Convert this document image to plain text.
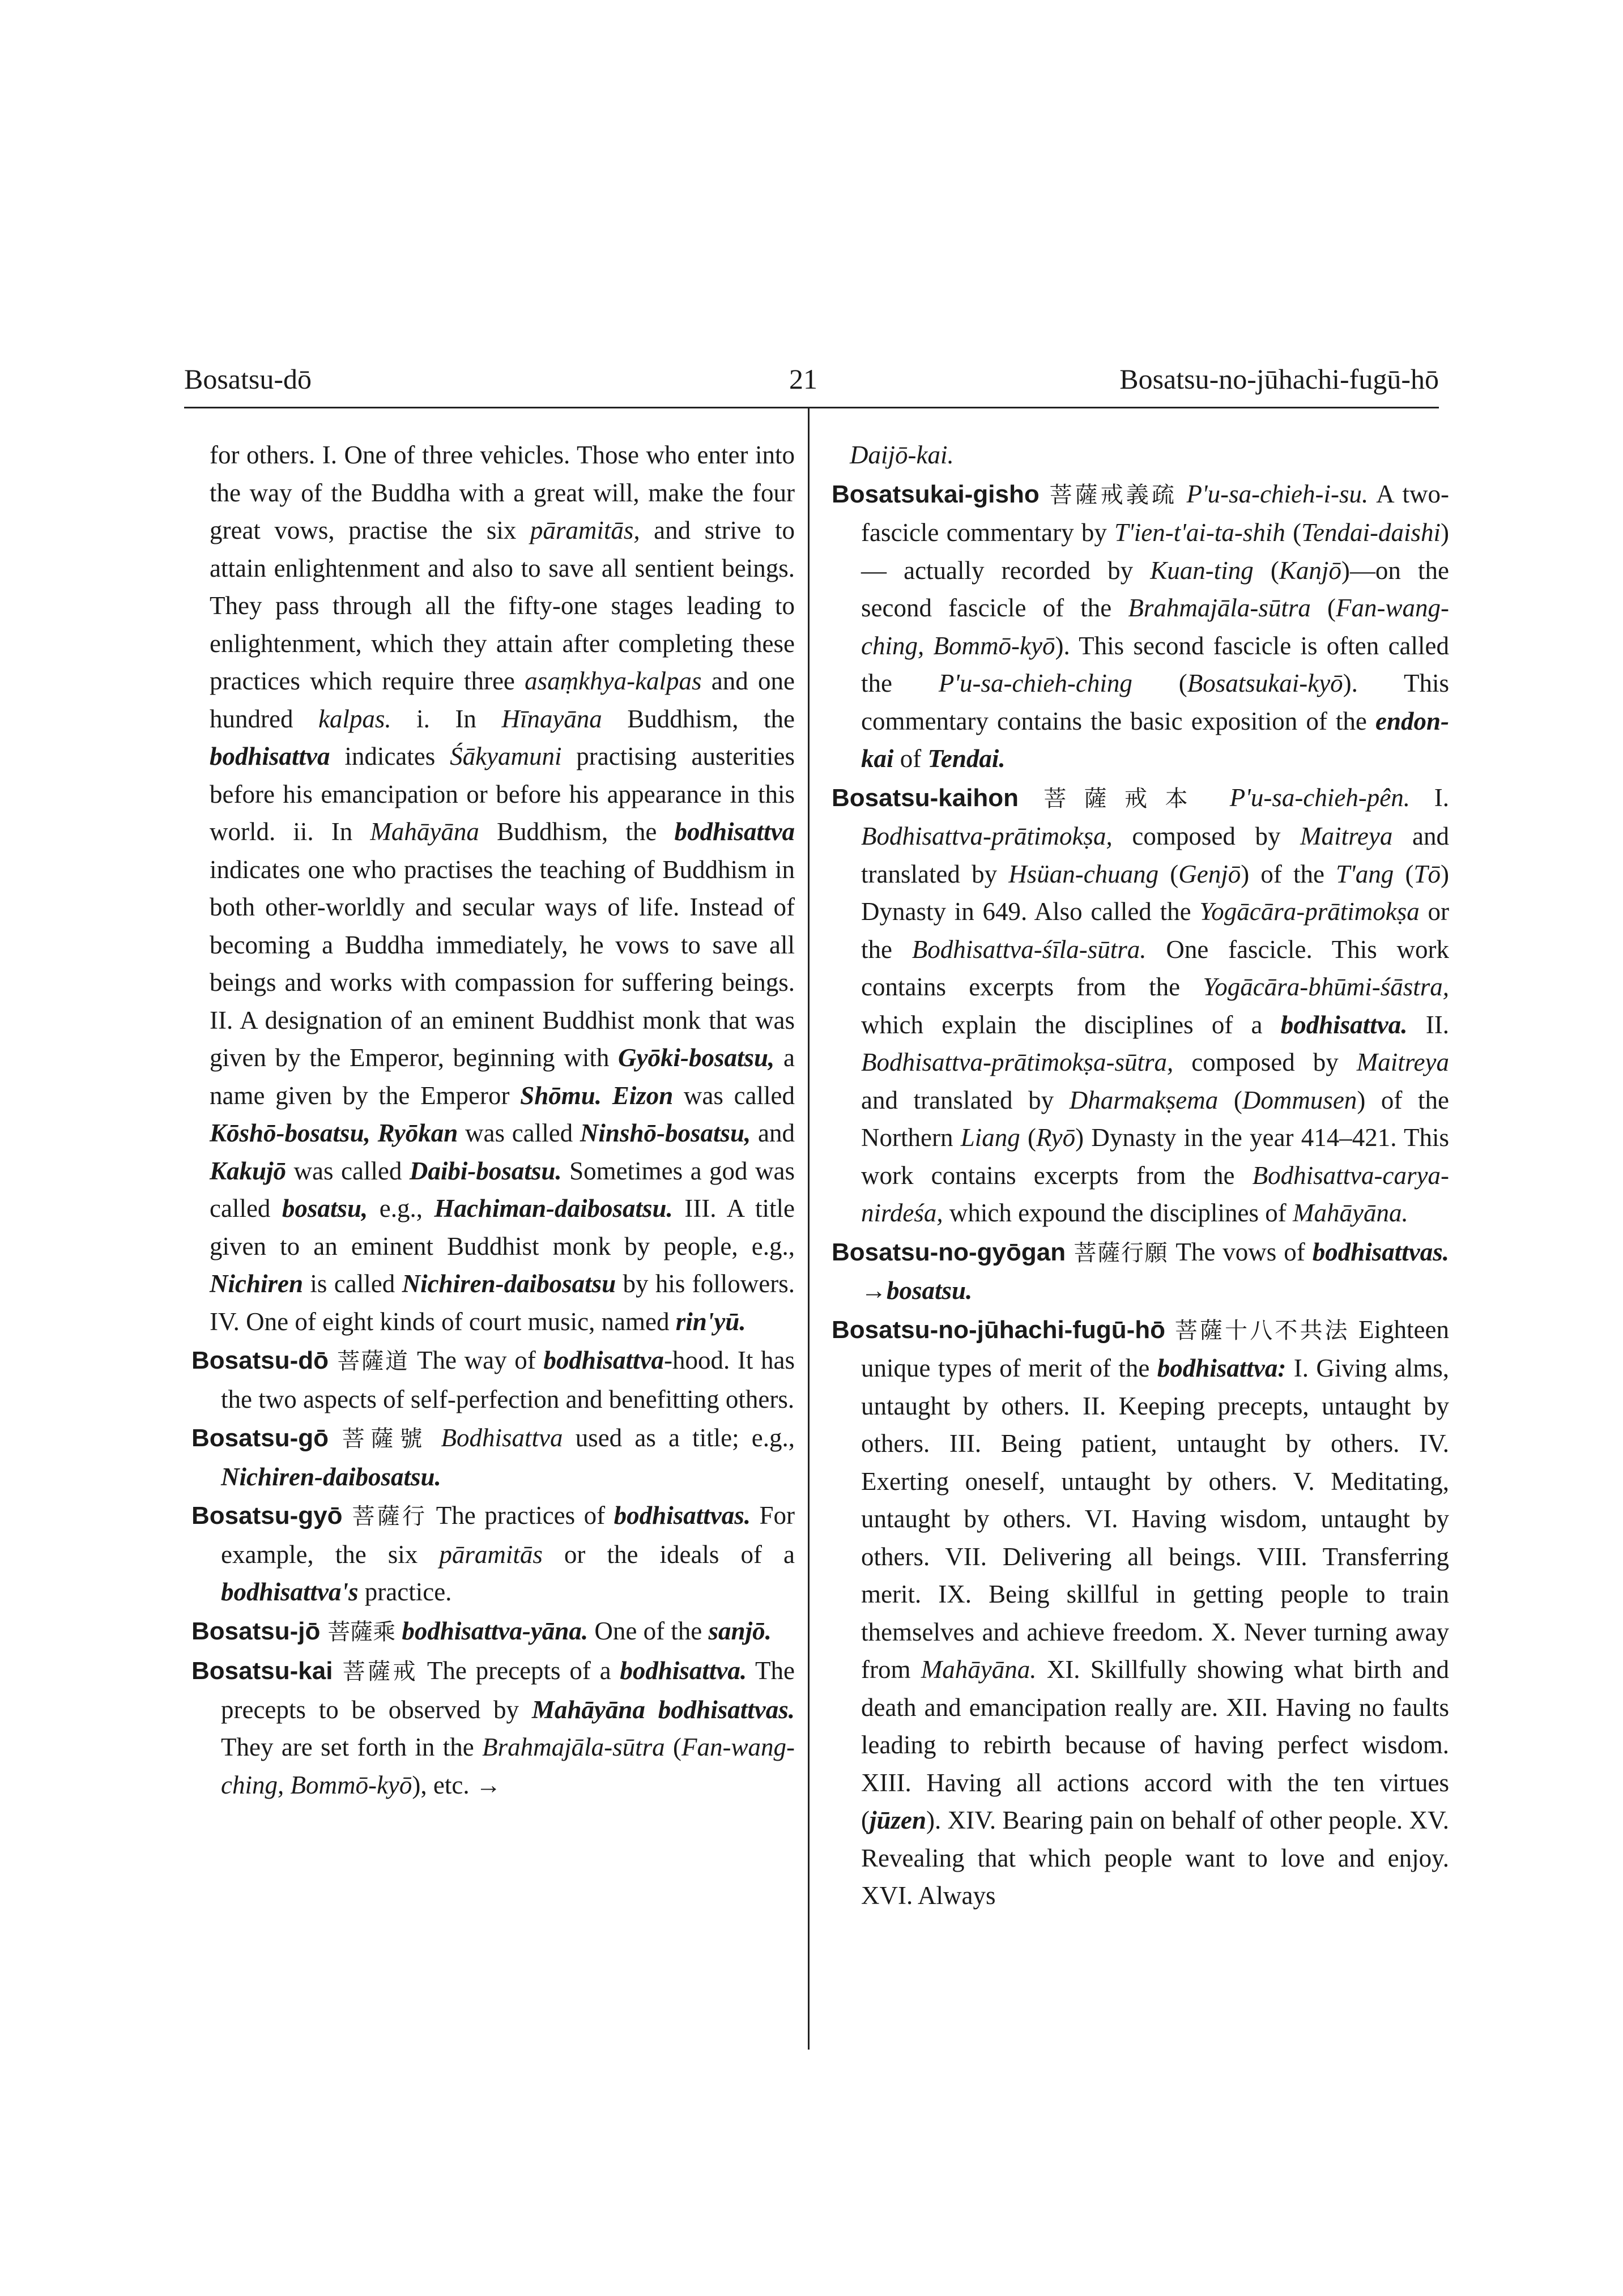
Bosatsu-dō	21	Bosatsu-no-jūhachi-fugū-hō

for others. I. One of three vehicles. Those who enter into the way of the Buddha with a great will, make the four great vows, practise the six pāramitās, and strive to attain enlightenment and also to save all sentient beings. They pass through all the fifty-one stages leading to enlightenment, which they attain after completing these practices which require three asaṃkhya-kalpas and one hundred kalpas. i. In Hīnayāna Buddhism, the bodhisattva indicates Śākyamuni practising austerities before his emancipation or before his appearance in this world. ii. In Mahāyāna Buddhism, the bodhisattva indicates one who practises the teaching of Buddhism in both other-worldly and secular ways of life. Instead of becoming a Buddha immediately, he vows to save all beings and works with compassion for suffering beings. II. A designation of an eminent Buddhist monk that was given by the Emperor, beginning with Gyōki-bosatsu, a name given by the Emperor Shōmu. Eizon was called Kōshō-bosatsu, Ryōkan was called Ninshō-bosatsu, and Kakujō was called Daibi-bosatsu. Sometimes a god was called bosatsu, e.g., Hachiman-daibosatsu. III. A title given to an eminent Buddhist monk by people, e.g., Nichiren is called Nichiren-daibosatsu by his followers. IV. One of eight kinds of court music, named rin'yū.

Bosatsu-dō 菩薩道 The way of bodhisattva-hood. It has the two aspects of self-perfection and benefitting others.

Bosatsu-gō 菩薩號 Bodhisattva used as a title; e.g., Nichiren-daibosatsu.

Bosatsu-gyō 菩薩行 The practices of bodhisattvas. For example, the six pāramitās or the ideals of a bodhisattva's practice.

Bosatsu-jō 菩薩乘 bodhisattva-yāna. One of the sanjō.

Bosatsu-kai 菩薩戒 The precepts of a bodhisattva. The precepts to be observed by Mahāyāna bodhisattvas. They are set forth in the Brahmajāla-sūtra (Fan-wang-ching, Bommō-kyō), etc. →

Daijō-kai.

Bosatsukai-gisho 菩薩戒義疏 P'u-sa-chieh-i-su. A two-fascicle commentary by T'ien-t'ai-ta-shih (Tendai-daishi) — actually recorded by Kuan-ting (Kanjō)—on the second fascicle of the Brahmajāla-sūtra (Fan-wang-ching, Bommō-kyō). This second fascicle is often called the P'u-sa-chieh-ching (Bosatsukai-kyō). This commentary contains the basic exposition of the endon-kai of Tendai.

Bosatsu-kaihon 菩薩戒本 P'u-sa-chieh-pên. I. Bodhisattva-prātimokṣa, composed by Maitreya and translated by Hsüan-chuang (Genjō) of the T'ang (Tō) Dynasty in 649. Also called the Yogācāra-prātimokṣa or the Bodhisattva-śīla-sūtra. One fascicle. This work contains excerpts from the Yogācāra-bhūmi-śāstra, which explain the disciplines of a bodhisattva. II. Bodhisattva-prātimokṣa-sūtra, composed by Maitreya and translated by Dharmakṣema (Dommusen) of the Northern Liang (Ryō) Dynasty in the year 414–421. This work contains excerpts from the Bodhisattva-carya-nirdeśa, which expound the disciplines of Mahāyāna.

Bosatsu-no-gyōgan 菩薩行願 The vows of bodhisattvas. →bosatsu.

Bosatsu-no-jūhachi-fugū-hō 菩薩十八不共法 Eighteen unique types of merit of the bodhisattva: I. Giving alms, untaught by others. II. Keeping precepts, untaught by others. III. Being patient, untaught by others. IV. Exerting oneself, untaught by others. V. Meditating, untaught by others. VI. Having wisdom, untaught by others. VII. Delivering all beings. VIII. Transferring merit. IX. Being skillful in getting people to train themselves and achieve freedom. X. Never turning away from Mahāyāna. XI. Skillfully showing what birth and death and emancipation really are. XII. Having no faults leading to rebirth because of having perfect wisdom. XIII. Having all actions accord with the ten virtues (jūzen). XIV. Bearing pain on behalf of other people. XV. Revealing that which people want to love and enjoy. XVI. Always
